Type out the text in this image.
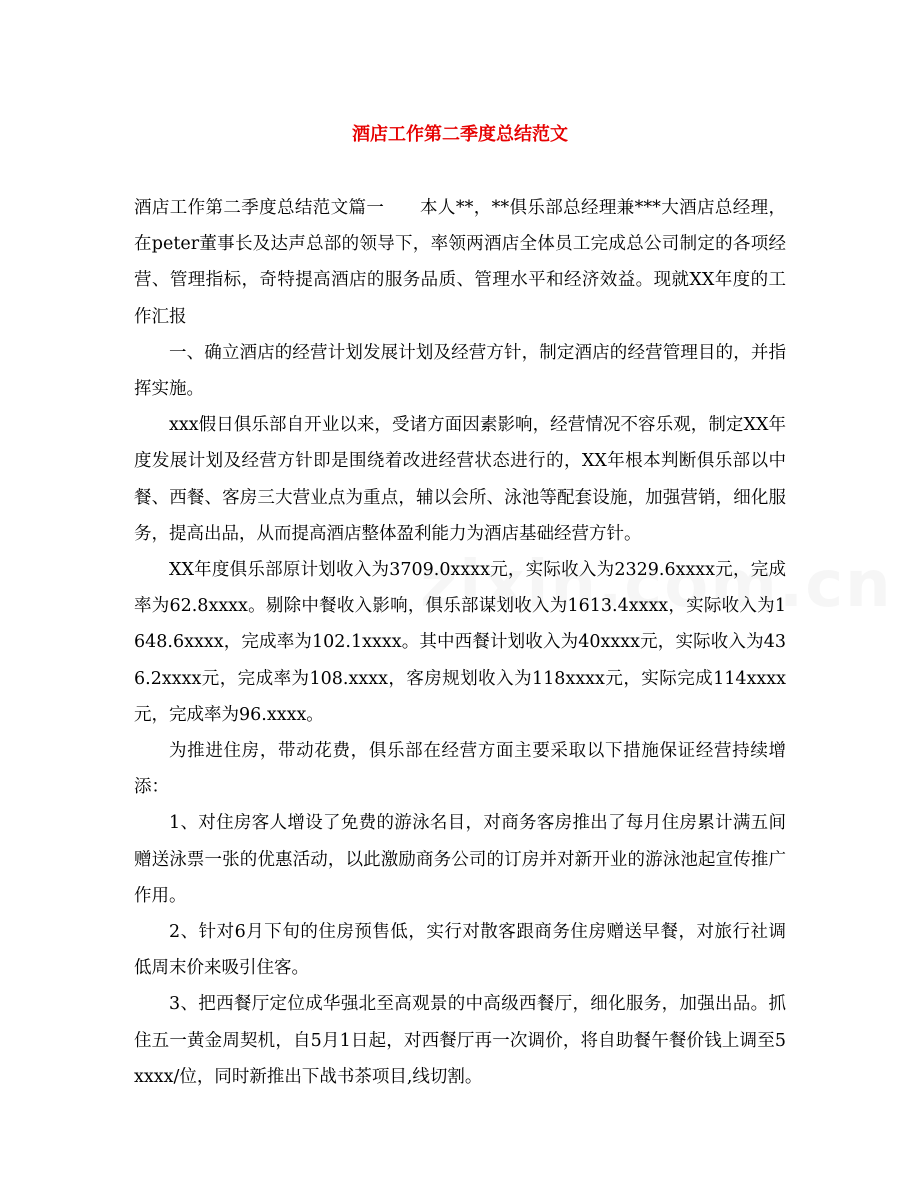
酒店工作第二季度总结范文

酒店工作第二季度总结范文篇一　　本人**，**俱乐部总经理兼***大酒店总经理，在peter董事长及达声总部的领导下，率领两酒店全体员工完成总公司制定的各项经营、管理指标，奇特提高酒店的服务品质、管理水平和经济效益。现就XX年度的工作汇报

一、确立酒店的经营计划发展计划及经营方针，制定酒店的经营管理目的，并指挥实施。

xxx假日俱乐部自开业以来，受诸方面因素影响，经营情况不容乐观，制定XX年度发展计划及经营方针即是围绕着改进经营状态进行的，XX年根本判断俱乐部以中餐、西餐、客房三大营业点为重点，辅以会所、泳池等配套设施，加强营销，细化服务，提高出品，从而提高酒店整体盈利能力为酒店基础经营方针。

XX年度俱乐部原计划收入为3709.0xxxx元，实际收入为2329.6xxxx元，完成率为62.8xxxx。剔除中餐收入影响，俱乐部谋划收入为1613.4xxxx，实际收入为1648.6xxxx，完成率为102.1xxxx。其中西餐计划收入为40xxxx元，实际收入为436.2xxxx元，完成率为108.xxxx，客房规划收入为118xxxx元，实际完成114xxxx元，完成率为96.xxxx。

为推进住房，带动花费，俱乐部在经营方面主要采取以下措施保证经营持续增添：

1、对住房客人增设了免费的游泳名目，对商务客房推出了每月住房累计满五间赠送泳票一张的优惠活动，以此激励商务公司的订房并对新开业的游泳池起宣传推广作用。

2、针对6月下旬的住房预售低，实行对散客跟商务住房赠送早餐，对旅行社调低周末价来吸引住客。

3、把西餐厅定位成华强北至高观景的中高级西餐厅，细化服务，加强出品。抓住五一黄金周契机，自5月1日起，对西餐厅再一次调价，将自助餐午餐价钱上调至5xxxx/位，同时新推出下战书茶项目,线切割。
